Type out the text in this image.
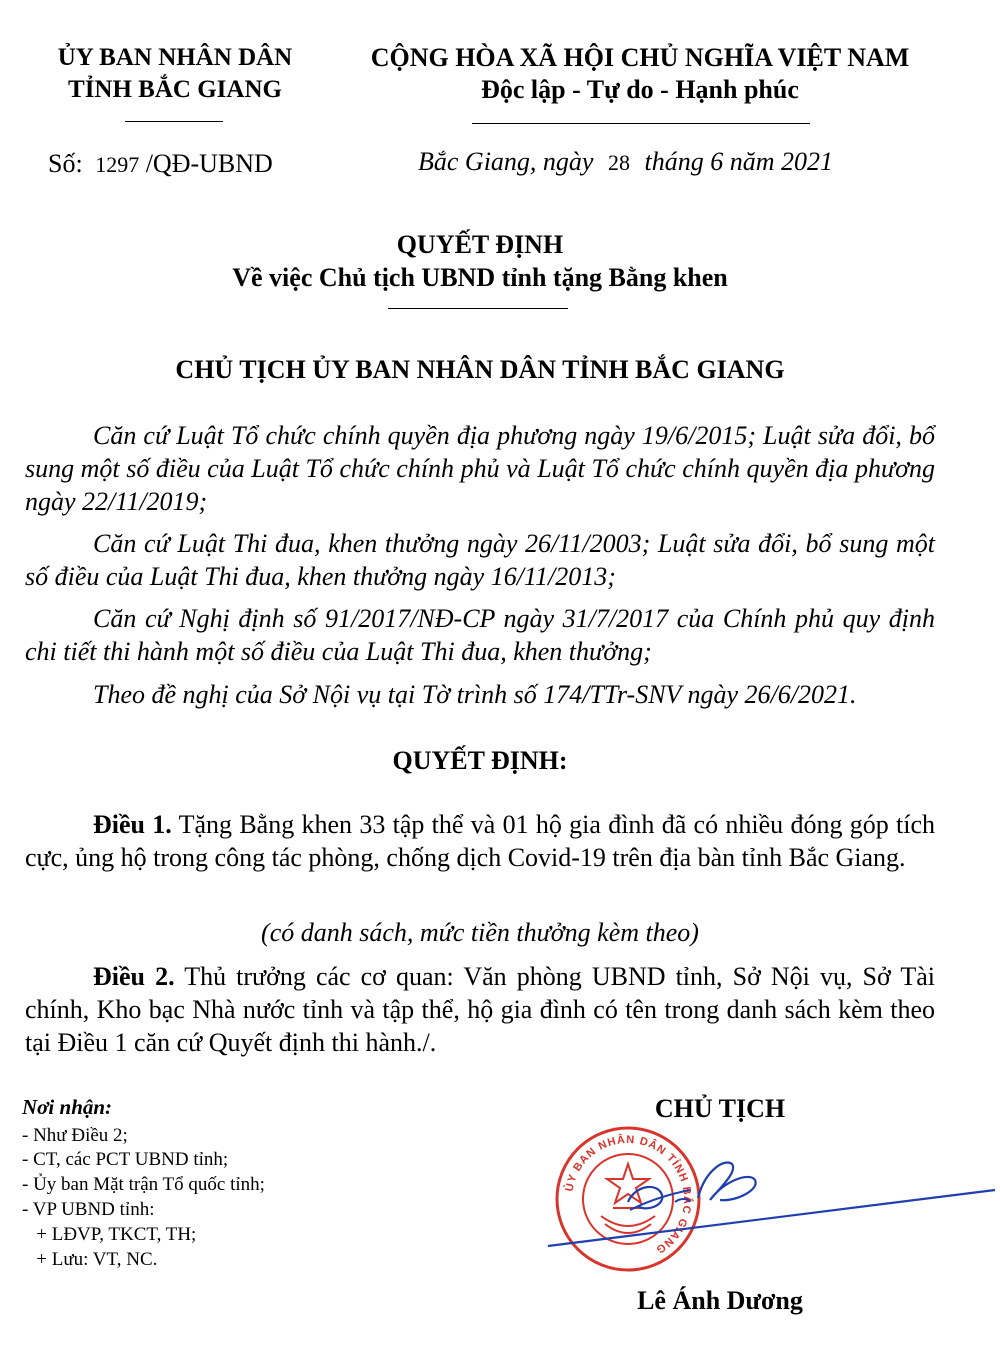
ỦY BAN NHÂN DÂN
TỈNH BẮC GIANG
CỘNG HÒA XÃ HỘI CHỦ NGHĨA VIỆT NAM
Độc lập - Tự do - Hạnh phúc
Số: 1297 /QĐ-UBND	Bắc Giang, ngày 28 tháng 6 năm 2021
QUYẾT ĐỊNH
Về việc Chủ tịch UBND tỉnh tặng Bằng khen
CHỦ TỊCH ỦY BAN NHÂN DÂN TỈNH BẮC GIANG
Căn cứ Luật Tổ chức chính quyền địa phương ngày 19/6/2015; Luật sửa đổi, bổ sung một số điều của Luật Tổ chức chính phủ và Luật Tổ chức chính quyền địa phương ngày 22/11/2019;
Căn cứ Luật Thi đua, khen thưởng ngày 26/11/2003; Luật sửa đổi, bổ sung một số điều của Luật Thi đua, khen thưởng ngày 16/11/2013;
Căn cứ Nghị định số 91/2017/NĐ-CP ngày 31/7/2017 của Chính phủ quy định chi tiết thi hành một số điều của Luật Thi đua, khen thưởng;
Theo đề nghị của Sở Nội vụ tại Tờ trình số 174/TTr-SNV ngày 26/6/2021.
QUYẾT ĐỊNH:
Điều 1. Tặng Bằng khen 33 tập thể và 01 hộ gia đình đã có nhiều đóng góp tích cực, ủng hộ trong công tác phòng, chống dịch Covid-19 trên địa bàn tỉnh Bắc Giang.
(có danh sách, mức tiền thưởng kèm theo)
Điều 2. Thủ trưởng các cơ quan: Văn phòng UBND tỉnh, Sở Nội vụ, Sở Tài chính, Kho bạc Nhà nước tỉnh và tập thể, hộ gia đình có tên trong danh sách kèm theo tại Điều 1 căn cứ Quyết định thi hành./.
Nơi nhận:
- Như Điều 2;
- CT, các PCT UBND tỉnh;
- Ủy ban Mặt trận Tổ quốc tỉnh;
- VP UBND tỉnh:
+ LĐVP, TKCT, TH;
+ Lưu: VT, NC.
CHỦ TỊCH
ỦY BAN NHÂN DÂN TỈNH BẮC GIANG
Lê Ánh Dương
